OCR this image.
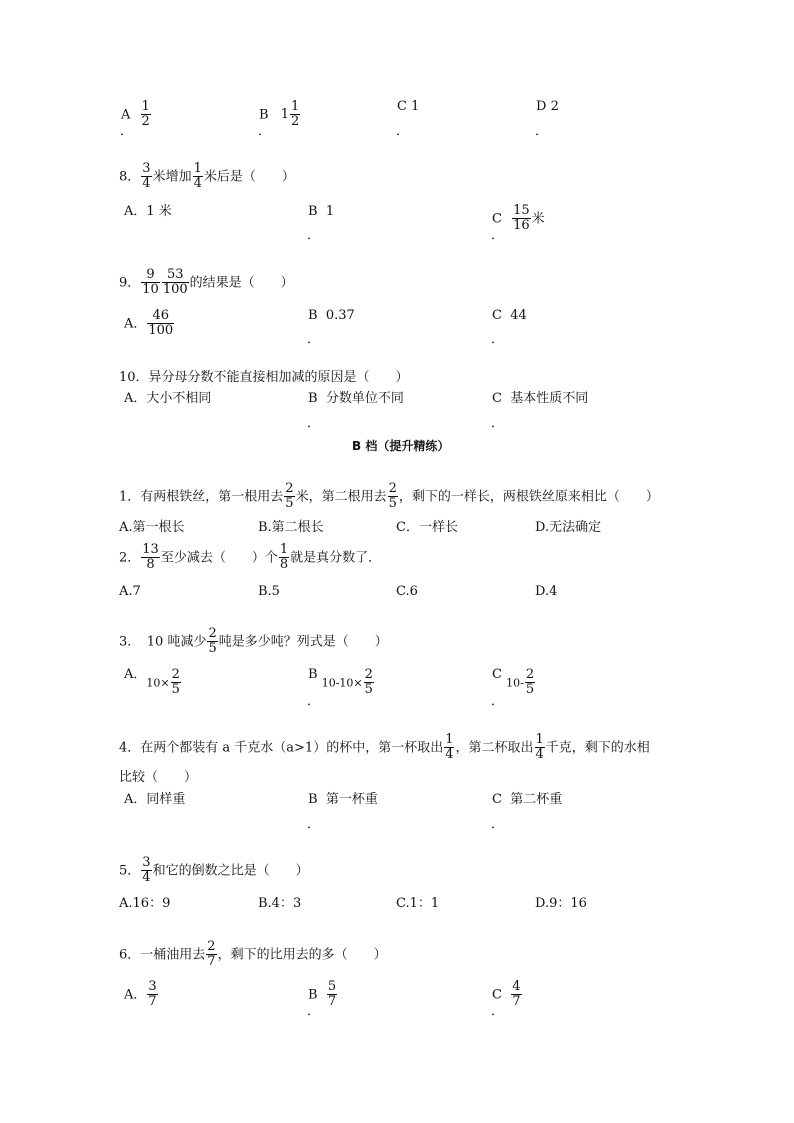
A $\frac{1}{2}$
．
B $1 \frac{1}{2}$
．
C 1
．
D 2
．
8． $\frac{3}{4}$ 米增加 $\frac{1}{4}$ 米后是（　　）
A．1 米	B 1
．
C $\frac{15}{16}$ 米
．
9． $\frac{9}{10} \frac{53}{100}$ 的结果是（　　）
A． $\frac{46}{100}$	B 0.37
．
C 44
．
10．异分母分数不能直接相加减的原因是（　　）
A．大小不相同	B 分数单位不同
．
C 基本性质不同
．
B 档（提升精练）
1．有两根铁丝，第一根用去 $\frac{2}{5}$ 米，第二根用去 $\frac{2}{5}$ ，剩下的一样长，两根铁丝原来相比（　　）
A.第一根长	B.第二根长	C．一样长	D.无法确定
2． $\frac{13}{8}$ 至少减去（　　）个 $\frac{1}{8}$ 就是真分数了．
A.7	B.5	C.6	D.4
3．　10 吨减少 $\frac{2}{5}$ 吨是多少吨？列式是（　　）
A．$10\times \frac{2}{5}$	B $10-10\times \frac{2}{5}$
．
C $10- \frac{2}{5}$
．
4．在两个都装有 a 千克水（a>1）的杯中，第一杯取出 $\frac{1}{4}$ ，第二杯取出 $\frac{1}{4}$ 千克，剩下的水相
比较（　　）
A．同样重	B 第一杯重
．
C 第二杯重
．
5． $\frac{3}{4}$ 和它的倒数之比是（　　）
A.16：9	B.4：3	C.1：1	D.9：16
6．一桶油用去 $\frac{2}{7}$ ，剩下的比用去的多（　　）
A． $\frac{3}{7}$	B $\frac{5}{7}$
．
C $\frac{4}{7}$
．
